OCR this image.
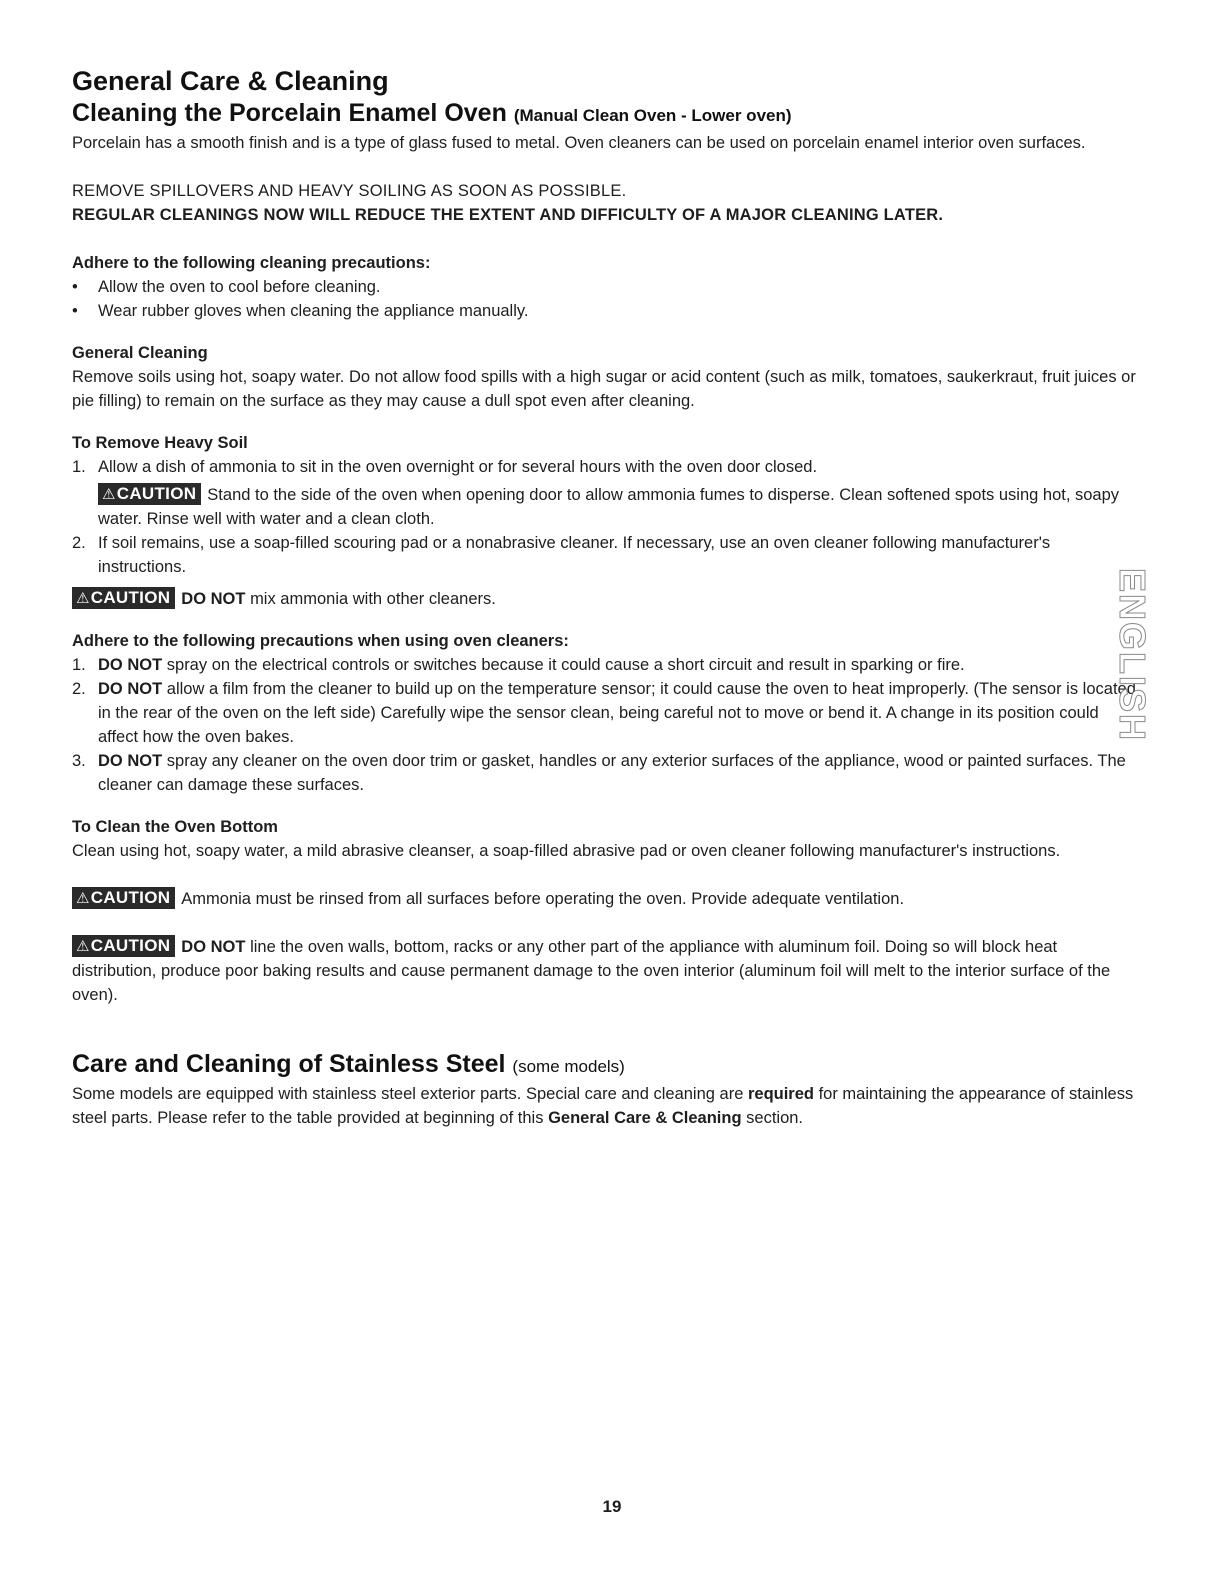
General Care & Cleaning
Cleaning the Porcelain Enamel Oven (Manual Clean Oven - Lower oven)

Porcelain has a smooth finish and is a type of glass fused to metal. Oven cleaners can be used on porcelain enamel interior oven surfaces.

REMOVE SPILLOVERS AND HEAVY SOILING AS SOON AS POSSIBLE.

REGULAR CLEANINGS NOW WILL REDUCE THE EXTENT AND DIFFICULTY OF A MAJOR CLEANING LATER.

Adhere to the following cleaning precautions:

• Allow the oven to cool before cleaning.
• Wear rubber gloves when cleaning the appliance manually.

General Cleaning

Remove soils using hot, soapy water. Do not allow food spills with a high sugar or acid content (such as milk, tomatoes, saukerkraut, fruit juices or pie filling) to remain on the surface as they may cause a dull spot even after cleaning.

To Remove Heavy Soil

1. Allow a dish of ammonia to sit in the oven overnight or for several hours with the oven door closed.
⚠CAUTION Stand to the side of the oven when opening door to allow ammonia fumes to disperse. Clean softened spots using hot, soapy water. Rinse well with water and a clean cloth.
2. If soil remains, use a soap-filled scouring pad or a nonabrasive cleaner. If necessary, use an oven cleaner following manufacturer's instructions.

⚠CAUTION DO NOT mix ammonia with other cleaners.

Adhere to the following precautions when using oven cleaners:

1. DO NOT spray on the electrical controls or switches because it could cause a short circuit and result in sparking or fire.
2. DO NOT allow a film from the cleaner to build up on the temperature sensor; it could cause the oven to heat improperly. (The sensor is located in the rear of the oven on the left side) Carefully wipe the sensor clean, being careful not to move or bend it. A change in its position could affect how the oven bakes.
3. DO NOT spray any cleaner on the oven door trim or gasket, handles or any exterior surfaces of the appliance, wood or painted surfaces. The cleaner can damage these surfaces.

To Clean the Oven Bottom

Clean using hot, soapy water, a mild abrasive cleanser, a soap-filled abrasive pad or oven cleaner following manufacturer's instructions.

⚠CAUTION Ammonia must be rinsed from all surfaces before operating the oven. Provide adequate ventilation.

⚠CAUTION DO NOT line the oven walls, bottom, racks or any other part of the appliance with aluminum foil. Doing so will block heat distribution, produce poor baking results and cause permanent damage to the oven interior (aluminum foil will melt to the interior surface of the oven).

Care and Cleaning of Stainless Steel (some models)

Some models are equipped with stainless steel exterior parts. Special care and cleaning are required for maintaining the appearance of stainless steel parts. Please refer to the table provided at beginning of this General Care & Cleaning section.

ENGLISH
19
